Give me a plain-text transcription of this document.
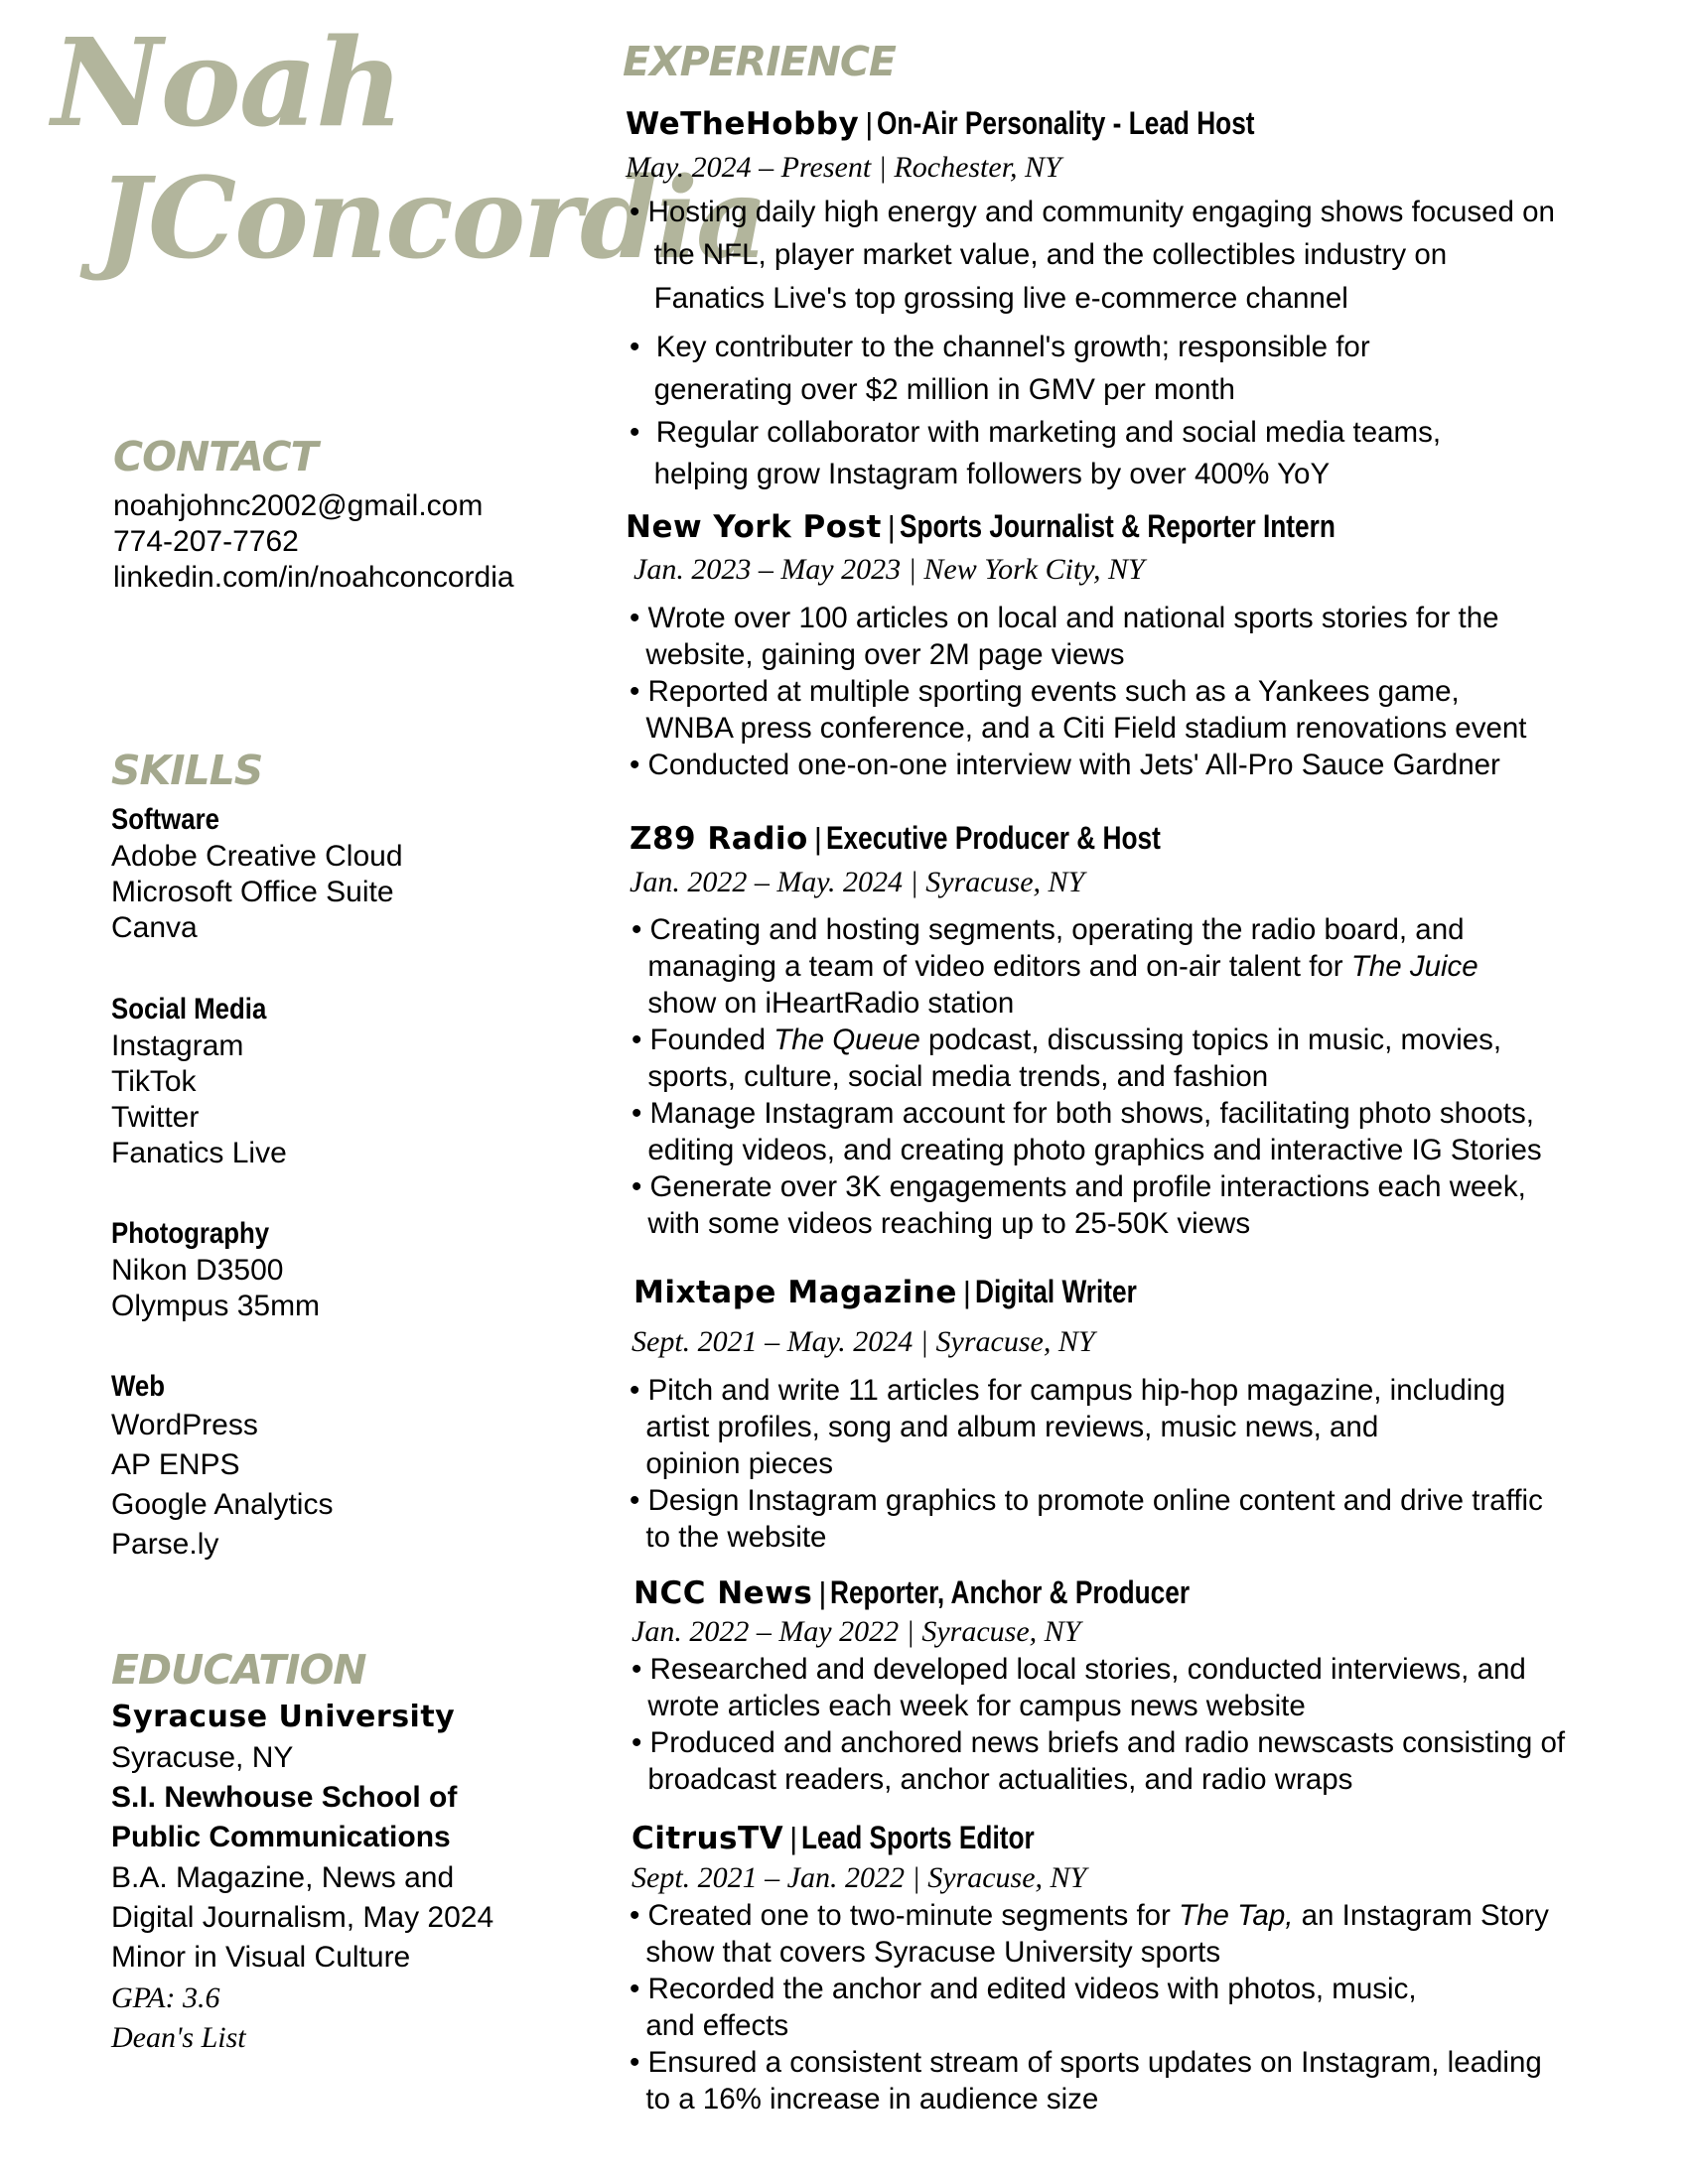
Noah
JConcordia
CONTACT
noahjohnc2002@gmail.com
774-207-7762
linkedin.com/in/noahconcordia
SKILLS
Software
Adobe Creative Cloud
Microsoft Office Suite
Canva
Social Media
Instagram
TikTok
Twitter
Fanatics Live
Photography
Nikon D3500
Olympus 35mm
Web
WordPress
AP ENPS
Google Analytics
Parse.ly
EDUCATION
Syracuse University
Syracuse, NY
S.I. Newhouse School of
Public Communications
B.A. Magazine, News and
Digital Journalism, May 2024
Minor in Visual Culture
GPA: 3.6
Dean's List
EXPERIENCE
WeTheHobby | On-Air Personality - Lead Host
May. 2024 – Present | Rochester, NY
• Hosting daily high energy and community engaging shows focused on
the NFL, player market value, and the collectibles industry on
Fanatics Live's top grossing live e-commerce channel
•  Key contributer to the channel's growth; responsible for
generating over $2 million in GMV per month
•  Regular collaborator with marketing and social media teams,
helping grow Instagram followers by over 400% YoY
New York Post | Sports Journalist & Reporter Intern
Jan. 2023 – May 2023 | New York City, NY
• Wrote over 100 articles on local and national sports stories for the
website, gaining over 2M page views
• Reported at multiple sporting events such as a Yankees game,
WNBA press conference, and a Citi Field stadium renovations event
• Conducted one-on-one interview with Jets' All-Pro Sauce Gardner
Z89 Radio | Executive Producer & Host
Jan. 2022 – May. 2024 | Syracuse, NY
• Creating and hosting segments, operating the radio board, and
managing a team of video editors and on-air talent for The Juice
show on iHeartRadio station
• Founded The Queue podcast, discussing topics in music, movies,
sports, culture, social media trends, and fashion
• Manage Instagram account for both shows, facilitating photo shoots,
editing videos, and creating photo graphics and interactive IG Stories
• Generate over 3K engagements and profile interactions each week,
with some videos reaching up to 25-50K views
Mixtape Magazine | Digital Writer
Sept. 2021 – May. 2024 | Syracuse, NY
• Pitch and write 11 articles for campus hip-hop magazine, including
artist profiles, song and album reviews, music news, and
opinion pieces
• Design Instagram graphics to promote online content and drive traffic
to the website
NCC News | Reporter, Anchor & Producer
Jan. 2022 – May 2022 | Syracuse, NY
• Researched and developed local stories, conducted interviews, and
wrote articles each week for campus news website
• Produced and anchored news briefs and radio newscasts consisting of
broadcast readers, anchor actualities, and radio wraps
CitrusTV | Lead Sports Editor
Sept. 2021 – Jan. 2022 | Syracuse, NY
• Created one to two-minute segments for The Tap, an Instagram Story
show that covers Syracuse University sports
• Recorded the anchor and edited videos with photos, music,
and effects
• Ensured a consistent stream of sports updates on Instagram, leading
to a 16% increase in audience size
